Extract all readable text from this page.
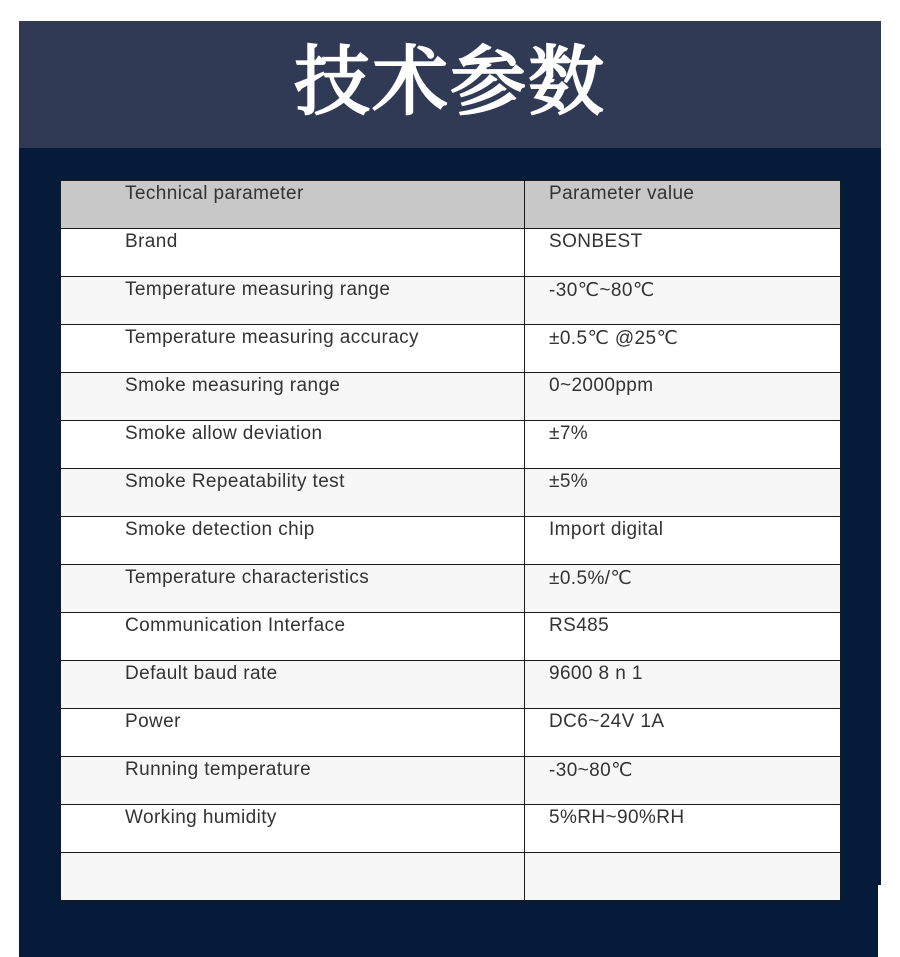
技术参数
Technical parameter	Parameter value

Brand	SONBEST

Temperature measuring range	-30℃~80℃

Temperature measuring accuracy	±0.5℃ @25℃

Smoke measuring range	0~2000ppm

Smoke allow deviation	±7%

Smoke Repeatability test	±5%

Smoke detection chip	Import digital

Temperature characteristics	±0.5%/℃

Communication Interface	RS485

Default baud rate	9600 8 n 1

Power	DC6~24V 1A

Running temperature	-30~80℃

Working humidity	5%RH~90%RH
